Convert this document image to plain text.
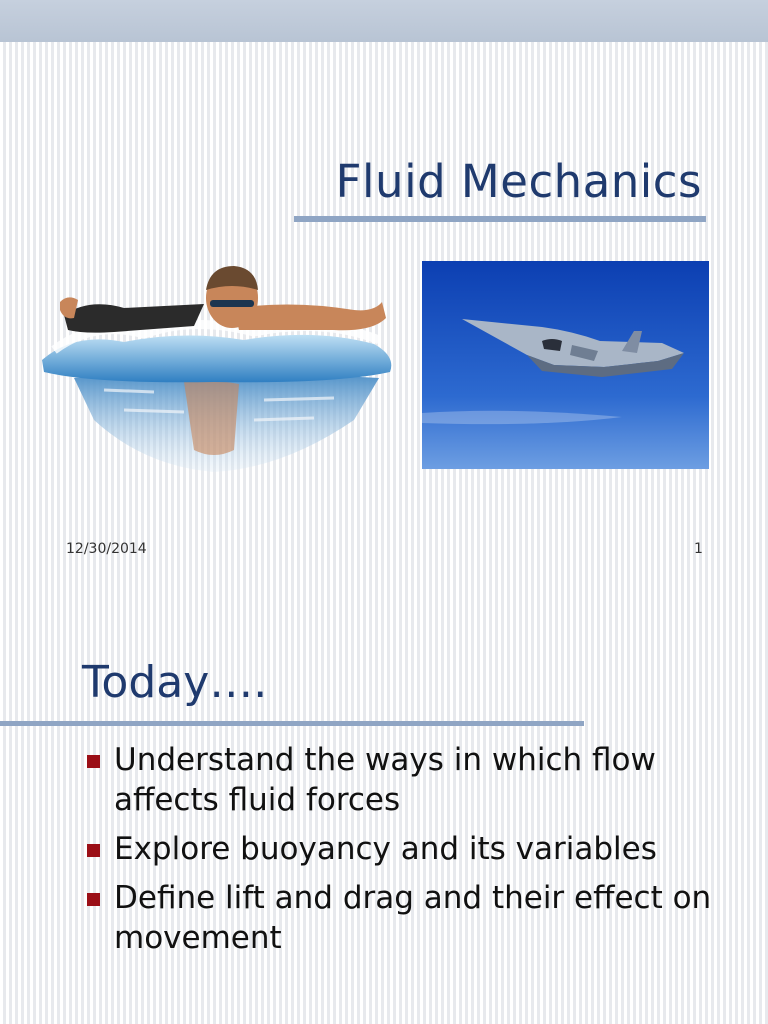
Fluid Mechanics
12/30/2014	1
Today….
Understand the ways in which flow affects fluid forces
Explore buoyancy and its variables
Define lift and drag and their effect on movement
